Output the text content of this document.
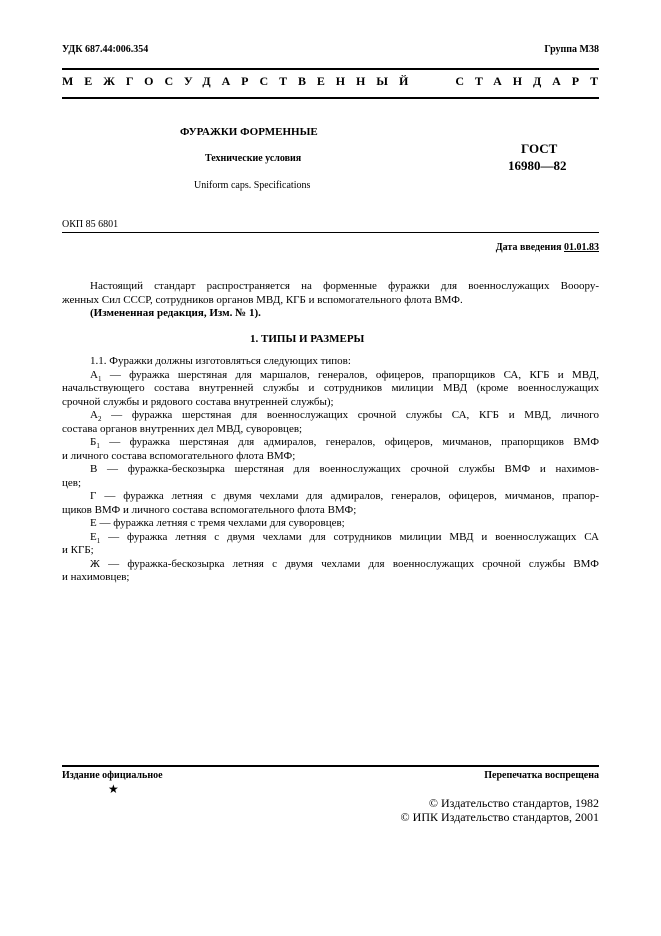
УДК 687.44:006.354	Группа М38
МЕЖГОСУДАРСТВЕННЫЙ	СТАНДАРТ
ФУРАЖКИ ФОРМЕННЫЕ
Технические условия
Uniform caps. Specifications
ГОСТ
16980—82
ОКП 85 6801
Дата введения 01.01.83
Настоящий стандарт распространяется на форменные фуражки для военнослужащих Вооору-
женных Сил СССР, сотрудников органов МВД, КГБ и вспомогательного флота ВМФ.
(Измененная редакция, Изм. № 1).
1. ТИПЫ И РАЗМЕРЫ
1.1. Фуражки должны изготовляться следующих типов:
$А_1$ — фуражка шерстяная для маршалов, генералов, офицеров, прапорщиков СА, КГБ и МВД,
начальствующего состава внутренней службы и сотрудников милиции МВД (кроме военнослужащих
срочной службы и рядового состава внутренней службы);
$А_2$ — фуражка шерстяная для военнослужащих срочной службы СА, КГБ и МВД, личного
состава органов внутренних дел МВД, суворовцев;
$Б_1$ — фуражка шерстяная для адмиралов, генералов, офицеров, мичманов, прапорщиков ВМФ
и личного состава вспомогательного флота ВМФ;
В — фуражка-бескозырка шерстяная для военнослужащих срочной службы ВМФ и нахимов-
цев;
Г — фуражка летняя с двумя чехлами для адмиралов, генералов, офицеров, мичманов, прапор-
щиков ВМФ и личного состава вспомогательного флота ВМФ;
Е — фуражка летняя с тремя чехлами для суворовцев;
$Е_1$ — фуражка летняя с двумя чехлами для сотрудников милиции МВД и военнослужащих СА
и КГБ;
Ж — фуражка-бескозырка летняя с двумя чехлами для военнослужащих срочной службы ВМФ
и нахимовцев;
Издание официальное
★
Перепечатка воспрещена
© Издательство стандартов, 1982
© ИПК Издательство стандартов, 2001
